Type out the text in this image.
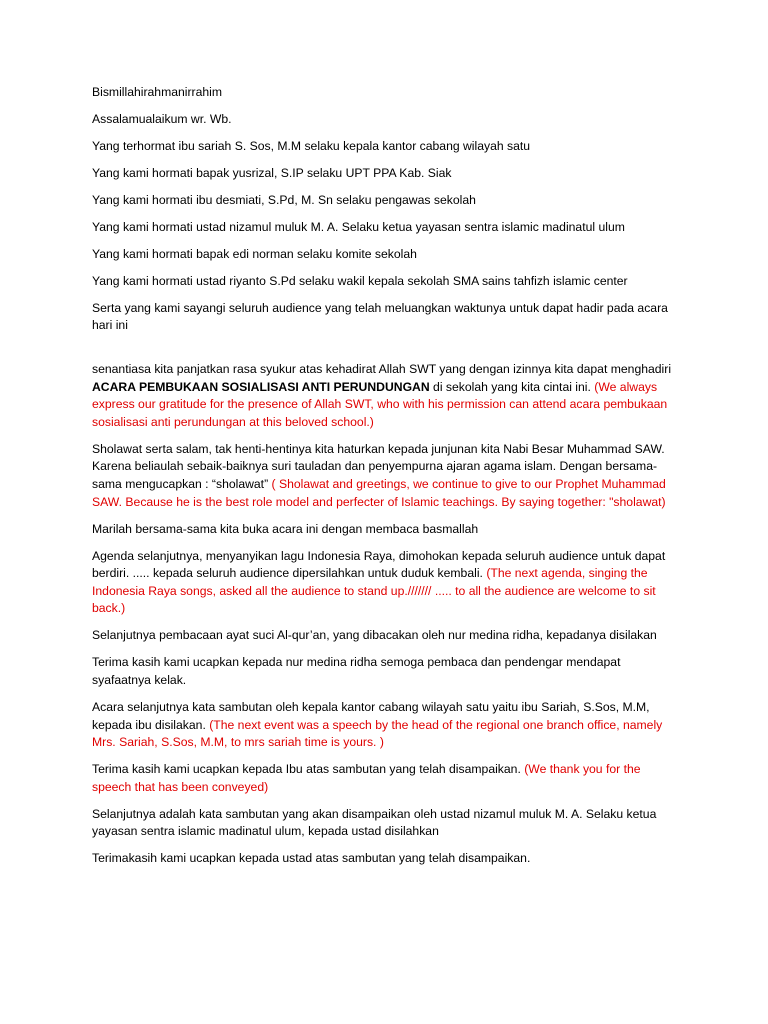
Bismillahirahmanirrahim

Assalamualaikum wr. Wb.

Yang terhormat ibu sariah S. Sos, M.M selaku kepala kantor cabang wilayah satu

Yang kami hormati bapak yusrizal, S.IP selaku UPT PPA Kab. Siak

Yang kami hormati ibu desmiati, S.Pd, M. Sn selaku pengawas sekolah

Yang kami hormati ustad nizamul muluk M. A. Selaku ketua yayasan sentra islamic madinatul ulum

Yang kami hormati bapak edi norman selaku komite sekolah

Yang kami hormati ustad riyanto S.Pd selaku wakil kepala sekolah SMA sains tahfizh islamic center

Serta yang kami sayangi seluruh audience yang telah meluangkan waktunya untuk dapat hadir pada acara hari ini

senantiasa kita panjatkan rasa syukur atas kehadirat Allah SWT yang dengan izinnya kita dapat menghadiri ACARA PEMBUKAAN SOSIALISASI ANTI PERUNDUNGAN di sekolah yang kita cintai ini. (We always express our gratitude for the presence of Allah SWT, who with his permission can attend acara pembukaan sosialisasi anti perundungan at this beloved school.)

Sholawat serta salam, tak henti-hentinya kita haturkan kepada junjunan kita Nabi Besar Muhammad SAW. Karena beliaulah sebaik-baiknya suri tauladan dan penyempurna ajaran agama islam. Dengan bersama-sama mengucapkan : “sholawat” ( Sholawat and greetings, we continue to give to our Prophet Muhammad SAW. Because he is the best role model and perfecter of Islamic teachings. By saying together: "sholawat)

Marilah bersama-sama kita buka acara ini dengan membaca basmallah

Agenda selanjutnya, menyanyikan lagu Indonesia Raya, dimohokan kepada seluruh audience untuk dapat berdiri. ..... kepada seluruh audience dipersilahkan untuk duduk kembali. (The next agenda, singing the Indonesia Raya songs, asked all the audience to stand up./////// ..... to all the audience are welcome to sit back.)

Selanjutnya pembacaan ayat suci Al-qur’an, yang dibacakan oleh nur medina ridha, kepadanya disilakan

Terima kasih kami ucapkan kepada nur medina ridha semoga pembaca dan pendengar mendapat syafaatnya kelak.

Acara selanjutnya kata sambutan oleh kepala kantor cabang wilayah satu yaitu ibu Sariah, S.Sos, M.M, kepada ibu disilakan. (The next event was a speech by the head of the regional one branch office, namely Mrs. Sariah, S.Sos, M.M, to mrs sariah time is yours. )

Terima kasih kami ucapkan kepada Ibu atas sambutan yang telah disampaikan. (We thank you for the speech that has been conveyed)

Selanjutnya adalah kata sambutan yang akan disampaikan oleh ustad nizamul muluk M. A. Selaku ketua yayasan sentra islamic madinatul ulum, kepada ustad disilahkan

Terimakasih kami ucapkan kepada ustad atas sambutan yang telah disampaikan.
